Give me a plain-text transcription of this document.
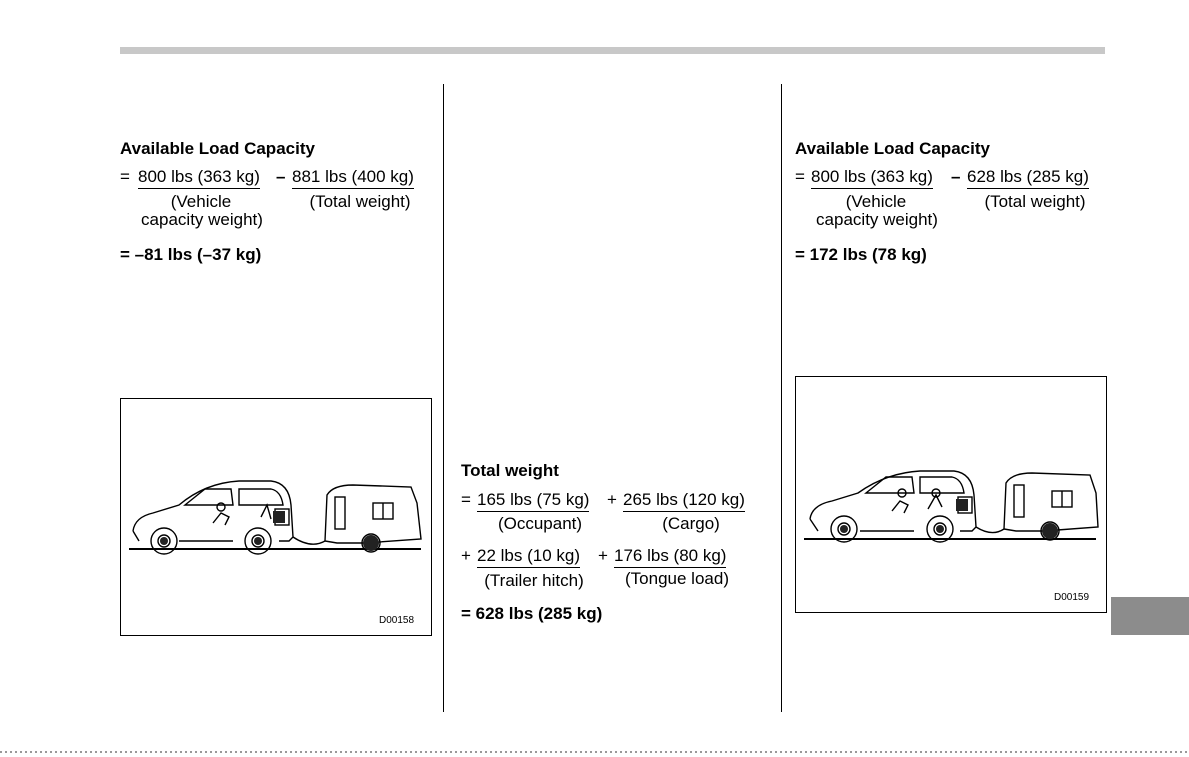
Available Load Capacity
= 800 lbs (363 kg) – 881 lbs (400 kg)
(Vehicle
capacity weight)
(Total weight)
= –81 lbs (–37 kg)
D00158
Total weight
= 165 lbs (75 kg) + 265 lbs (120 kg)
(Occupant)	(Cargo)
+ 22 lbs (10 kg) + 176 lbs (80 kg)
(Trailer hitch)	(Tongue load)
= 628 lbs (285 kg)
Available Load Capacity
= 800 lbs (363 kg) – 628 lbs (285 kg)
(Vehicle
capacity weight)
(Total weight)
= 172 lbs (78 kg)
D00159
